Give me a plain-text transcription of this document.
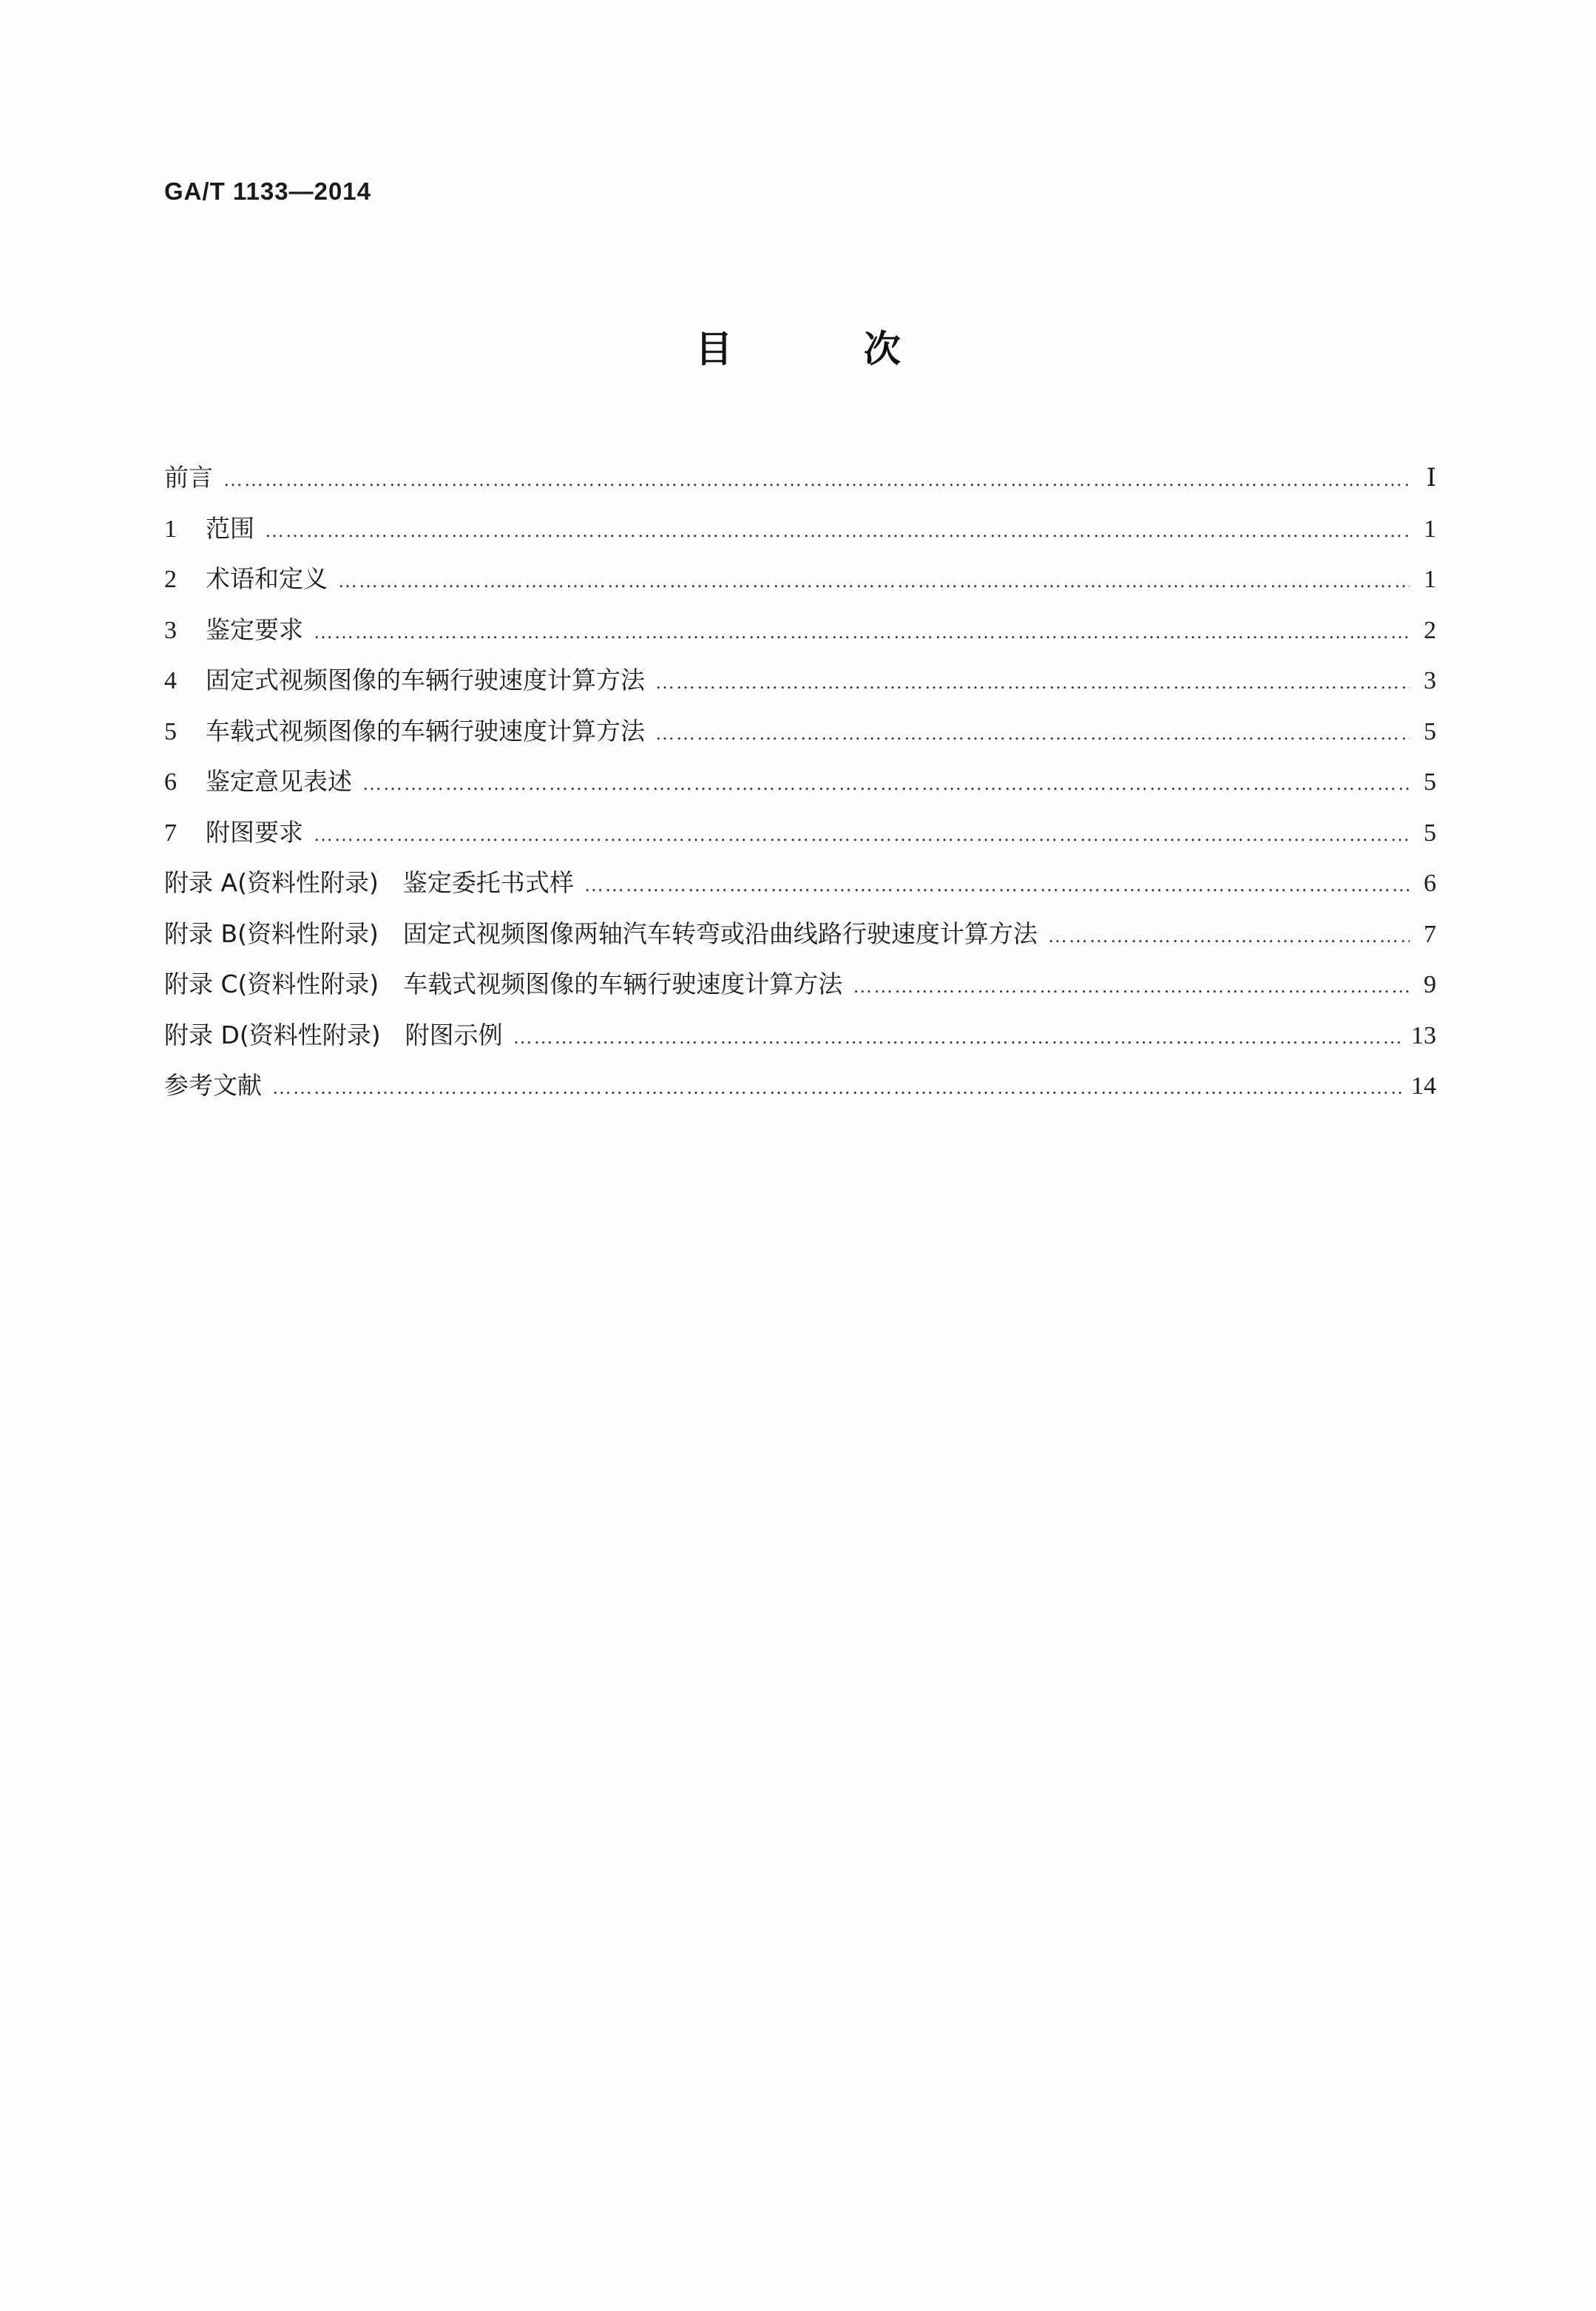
GA/T 1133—2014
目 次
前言 …………………………………………………………………………………………………………………………………………………………………………………………………………………………………………………………………………………………	Ⅰ
1	范围 …………………………………………………………………………………………………………………………………………………………………………………………………………………………………………………………………………………………	1
2	术语和定义 …………………………………………………………………………………………………………………………………………………………………………………………………………………………………………………………………………………………	1
3	鉴定要求 …………………………………………………………………………………………………………………………………………………………………………………………………………………………………………………………………………………………	2
4	固定式视频图像的车辆行驶速度计算方法 …………………………………………………………………………………………………………………………………………………………………………………………………………………………………………………………………………………………	3
5	车载式视频图像的车辆行驶速度计算方法 …………………………………………………………………………………………………………………………………………………………………………………………………………………………………………………………………………………………	5
6	鉴定意见表述 …………………………………………………………………………………………………………………………………………………………………………………………………………………………………………………………………………………………	5
7	附图要求 …………………………………………………………………………………………………………………………………………………………………………………………………………………………………………………………………………………………	5
附录 A(资料性附录)　鉴定委托书式样 …………………………………………………………………………………………………………………………………………………………………………………………………………………………………………………………………………………………	6
附录 B(资料性附录)　固定式视频图像两轴汽车转弯或沿曲线路行驶速度计算方法 …………………………………………………………………………………………………………………………………………………………………………………………………………………………………………………………………………………………	7
附录 C(资料性附录)　车载式视频图像的车辆行驶速度计算方法 …………………………………………………………………………………………………………………………………………………………………………………………………………………………………………………………………………………………	9
附录 D(资料性附录)　附图示例 …………………………………………………………………………………………………………………………………………………………………………………………………………………………………………………………………………………………	13
参考文献 …………………………………………………………………………………………………………………………………………………………………………………………………………………………………………………………………………………………	14
